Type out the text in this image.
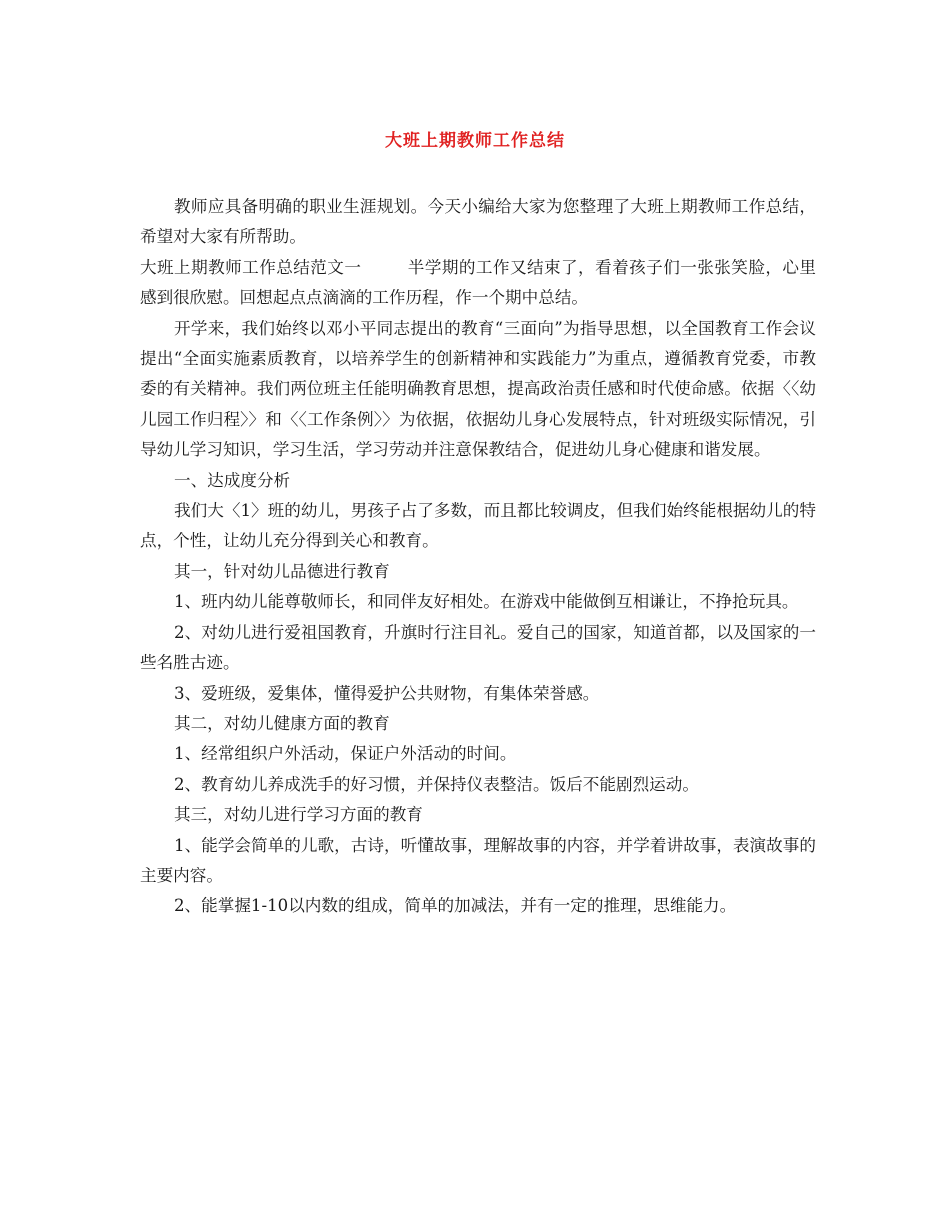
大班上期教师工作总结

教师应具备明确的职业生涯规划。今天小编给大家为您整理了大班上期教师工作总结，希望对大家有所帮助。

大班上期教师工作总结范文一	半学期的工作又结束了，看着孩子们一张张笑脸，心里感到很欣慰。回想起点点滴滴的工作历程，作一个期中总结。

开学来，我们始终以邓小平同志提出的教育“三面向”为指导思想，以全国教育工作会议提出“全面实施素质教育，以培养学生的创新精神和实践能力”为重点，遵循教育党委，市教委的有关精神。我们两位班主任能明确教育思想，提高政治责任感和时代使命感。依据〈〈幼儿园工作归程〉〉和〈〈工作条例〉〉为依据，依据幼儿身心发展特点，针对班级实际情况，引导幼儿学习知识，学习生活，学习劳动并注意保教结合，促进幼儿身心健康和谐发展。

一、达成度分析

我们大〈1〉班的幼儿，男孩子占了多数，而且都比较调皮，但我们始终能根据幼儿的特点，个性，让幼儿充分得到关心和教育。

其一，针对幼儿品德进行教育

1、班内幼儿能尊敬师长，和同伴友好相处。在游戏中能做倒互相谦让，不挣抢玩具。

2、对幼儿进行爱祖国教育，升旗时行注目礼。爱自己的国家，知道首都，以及国家的一些名胜古迹。

3、爱班级，爱集体，懂得爱护公共财物，有集体荣誉感。

其二，对幼儿健康方面的教育

1、经常组织户外活动，保证户外活动的时间。

2、教育幼儿养成洗手的好习惯，并保持仪表整洁。饭后不能剧烈运动。

其三，对幼儿进行学习方面的教育

1、能学会简单的儿歌，古诗，听懂故事，理解故事的内容，并学着讲故事，表演故事的主要内容。

2、能掌握1-10以内数的组成，简单的加减法，并有一定的推理，思维能力。
